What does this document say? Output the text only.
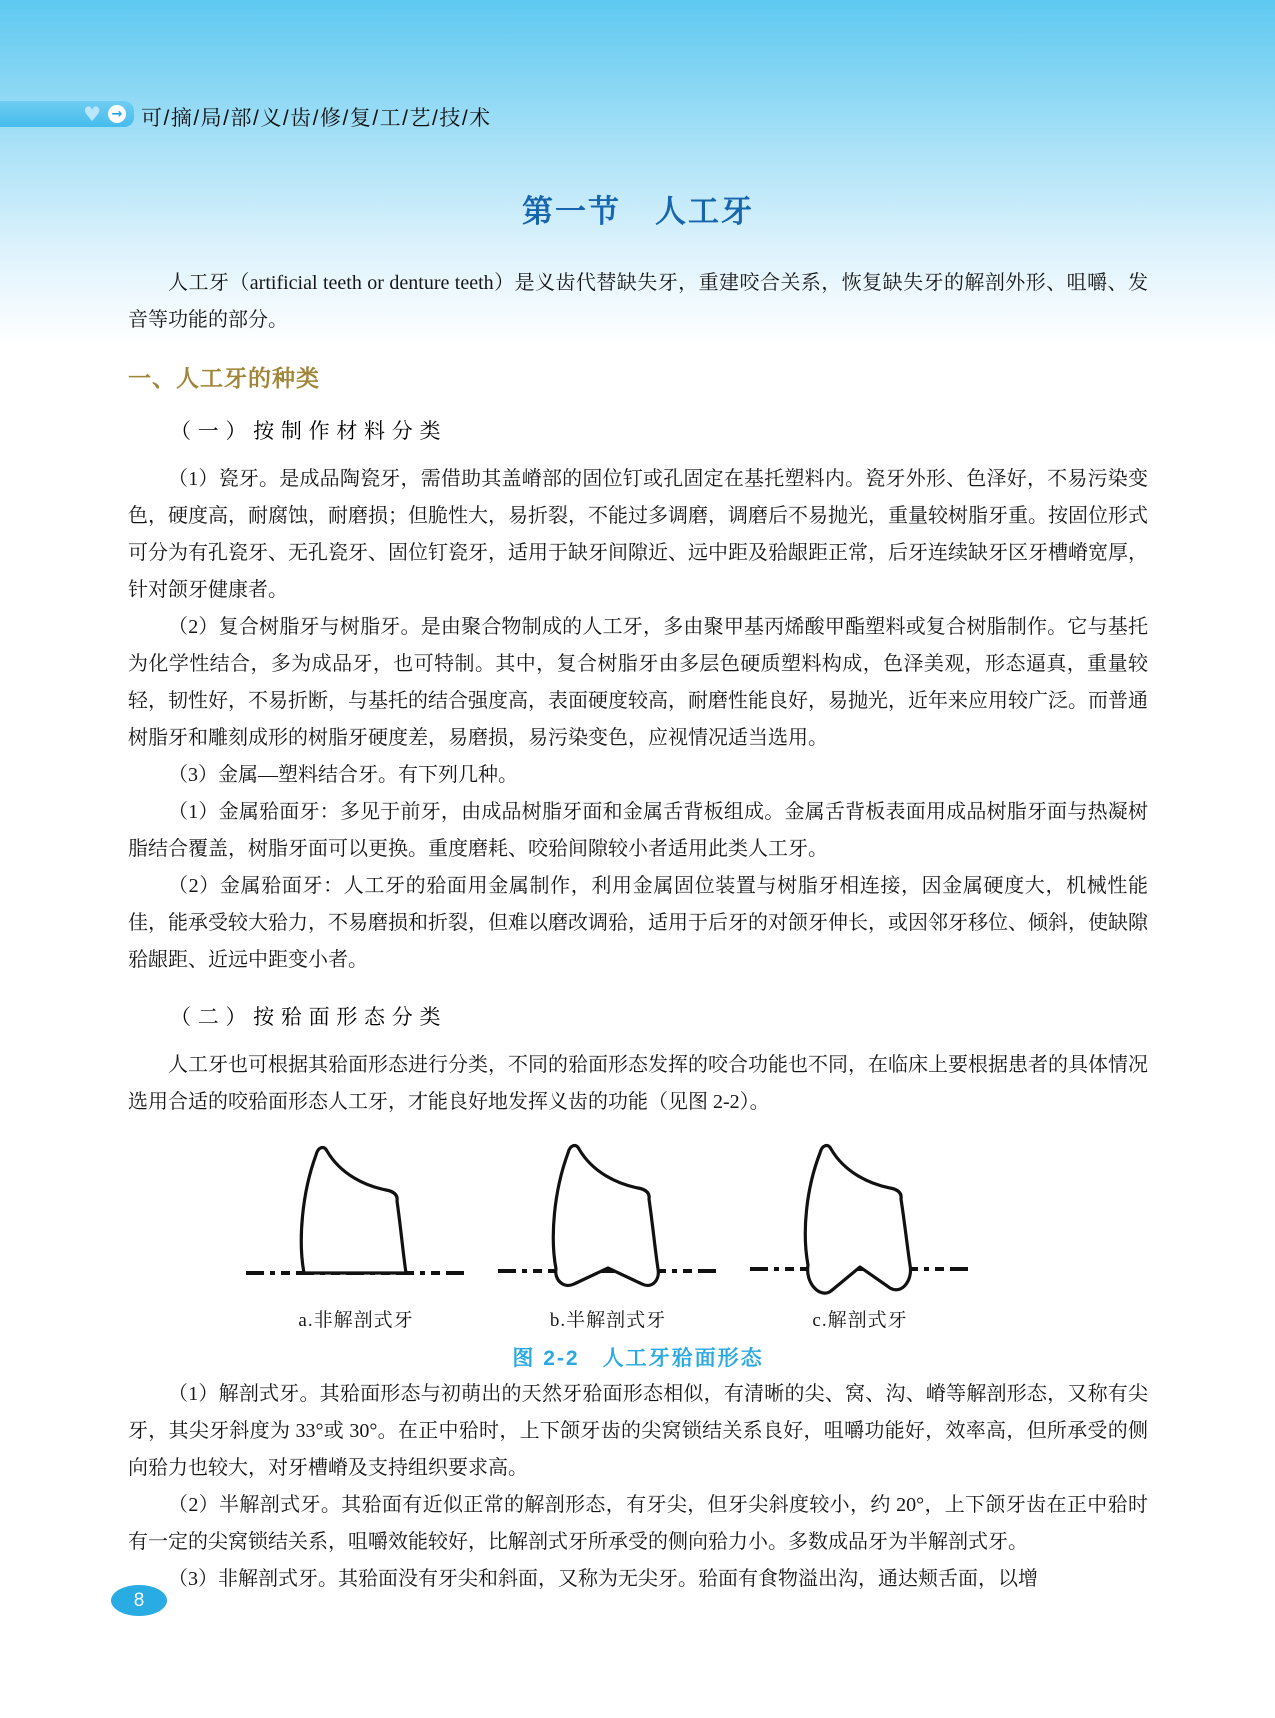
♥ → 可/摘/局/部/义/齿/修/复/工/艺/技/术
第一节 人工牙

人工牙（artificial teeth or denture teeth）是义齿代替缺失牙，重建咬合关系，恢复缺失牙的解剖外形、咀嚼、发音等功能的部分。

一、人工牙的种类
（一）按制作材料分类

（1）瓷牙。是成品陶瓷牙，需借助其盖嵴部的固位钉或孔固定在基托塑料内。瓷牙外形、色泽好，不易污染变色，硬度高，耐腐蚀，耐磨损；但脆性大，易折裂，不能过多调磨，调磨后不易抛光，重量较树脂牙重。按固位形式可分为有孔瓷牙、无孔瓷牙、固位钉瓷牙，适用于缺牙间隙近、远中距及𬌗龈距正常，后牙连续缺牙区牙槽嵴宽厚，针对颌牙健康者。

（2）复合树脂牙与树脂牙。是由聚合物制成的人工牙，多由聚甲基丙烯酸甲酯塑料或复合树脂制作。它与基托为化学性结合，多为成品牙，也可特制。其中，复合树脂牙由多层色硬质塑料构成，色泽美观，形态逼真，重量较轻，韧性好，不易折断，与基托的结合强度高，表面硬度较高，耐磨性能良好，易抛光，近年来应用较广泛。而普通树脂牙和雕刻成形的树脂牙硬度差，易磨损，易污染变色，应视情况适当选用。

（3）金属—塑料结合牙。有下列几种。

（1）金属𬌗面牙：多见于前牙，由成品树脂牙面和金属舌背板组成。金属舌背板表面用成品树脂牙面与热凝树脂结合覆盖，树脂牙面可以更换。重度磨耗、咬𬌗间隙较小者适用此类人工牙。

（2）金属𬌗面牙：人工牙的𬌗面用金属制作，利用金属固位装置与树脂牙相连接，因金属硬度大，机械性能佳，能承受较大𬌗力，不易磨损和折裂，但难以磨改调𬌗，适用于后牙的对颌牙伸长，或因邻牙移位、倾斜，使缺隙𬌗龈距、近远中距变小者。

（二）按𬌗面形态分类

人工牙也可根据其𬌗面形态进行分类，不同的𬌗面形态发挥的咬合功能也不同，在临床上要根据患者的具体情况选用合适的咬𬌗面形态人工牙，才能良好地发挥义齿的功能（见图 2-2）。

a.非解剖式牙	b.半解剖式牙	c.解剖式牙
图 2-2　人工牙𬌗面形态

（1）解剖式牙。其𬌗面形态与初萌出的天然牙𬌗面形态相似，有清晰的尖、窝、沟、嵴等解剖形态，又称有尖牙，其尖牙斜度为 33°或 30°。在正中𬌗时，上下颌牙齿的尖窝锁结关系良好，咀嚼功能好，效率高，但所承受的侧向𬌗力也较大，对牙槽嵴及支持组织要求高。

（2）半解剖式牙。其𬌗面有近似正常的解剖形态，有牙尖，但牙尖斜度较小，约 20°，上下颌牙齿在正中𬌗时有一定的尖窝锁结关系，咀嚼效能较好，比解剖式牙所承受的侧向𬌗力小。多数成品牙为半解剖式牙。

（3）非解剖式牙。其𬌗面没有牙尖和斜面，又称为无尖牙。𬌗面有食物溢出沟，通达颊舌面，以增

8
